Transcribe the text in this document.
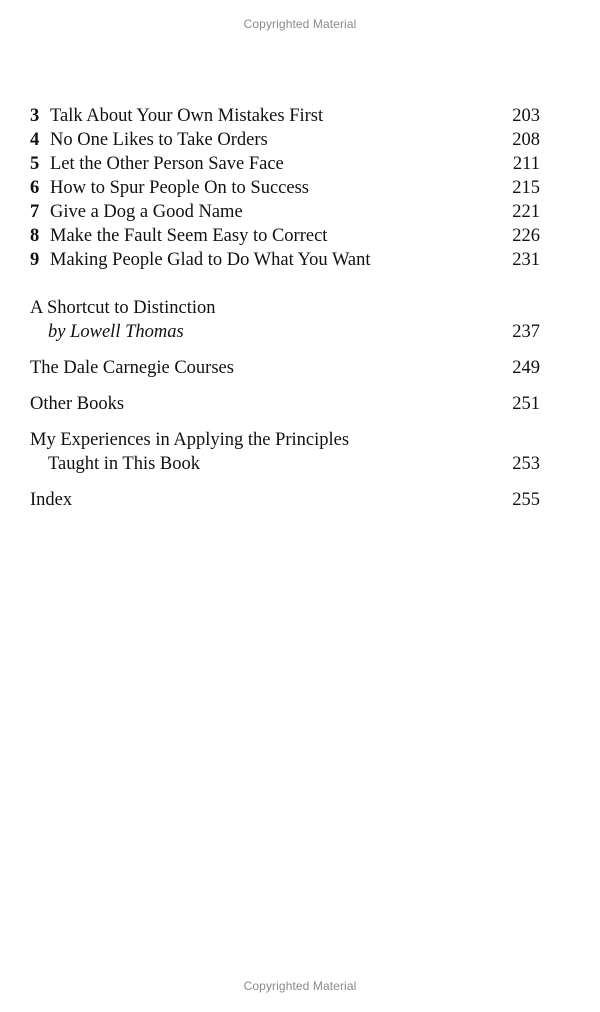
Copyrighted Material
3 Talk About Your Own Mistakes First	203
4 No One Likes to Take Orders	208
5 Let the Other Person Save Face	211
6 How to Spur People On to Success	215
7 Give a Dog a Good Name	221
8 Make the Fault Seem Easy to Correct	226
9 Making People Glad to Do What You Want	231
A Shortcut to Distinction
by Lowell Thomas	237
The Dale Carnegie Courses	249
Other Books	251
My Experiences in Applying the Principles
Taught in This Book	253
Index	255
Copyrighted Material
